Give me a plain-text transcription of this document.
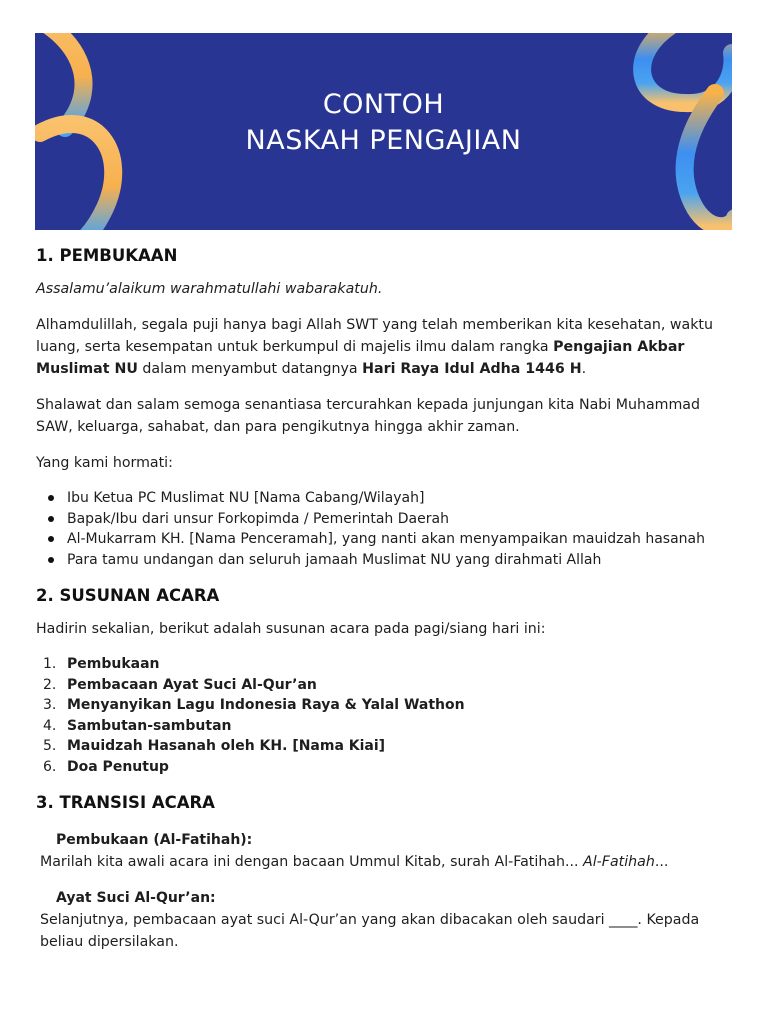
CONTOH
NASKAH PENGAJIAN
1. PEMBUKAAN

Assalamu’alaikum warahmatullahi wabarakatuh.

Alhamdulillah, segala puji hanya bagi Allah SWT yang telah memberikan kita kesehatan, waktu luang, serta kesempatan untuk berkumpul di majelis ilmu dalam rangka Pengajian Akbar Muslimat NU dalam menyambut datangnya Hari Raya Idul Adha 1446 H.

Shalawat dan salam semoga senantiasa tercurahkan kepada junjungan kita Nabi Muhammad SAW, keluarga, sahabat, dan para pengikutnya hingga akhir zaman.

Yang kami hormati:

Ibu Ketua PC Muslimat NU [Nama Cabang/Wilayah]
Bapak/Ibu dari unsur Forkopimda / Pemerintah Daerah
Al-Mukarram KH. [Nama Penceramah], yang nanti akan menyampaikan mauidzah hasanah
Para tamu undangan dan seluruh jamaah Muslimat NU yang dirahmati Allah
2. SUSUNAN ACARA

Hadirin sekalian, berikut adalah susunan acara pada pagi/siang hari ini:

1. Pembukaan
2. Pembacaan Ayat Suci Al-Qur’an
3. Menyanyikan Lagu Indonesia Raya & Yalal Wathon
4. Sambutan-sambutan
5. Mauidzah Hasanah oleh KH. [Nama Kiai]
6. Doa Penutup
3. TRANSISI ACARA
Pembukaan (Al-Fatihah):

Marilah kita awali acara ini dengan bacaan Ummul Kitab, surah Al-Fatihah... Al-Fatihah...

Ayat Suci Al-Qur’an:

Selanjutnya, pembacaan ayat suci Al-Qur’an yang akan dibacakan oleh saudari ____. Kepada beliau dipersilakan.
